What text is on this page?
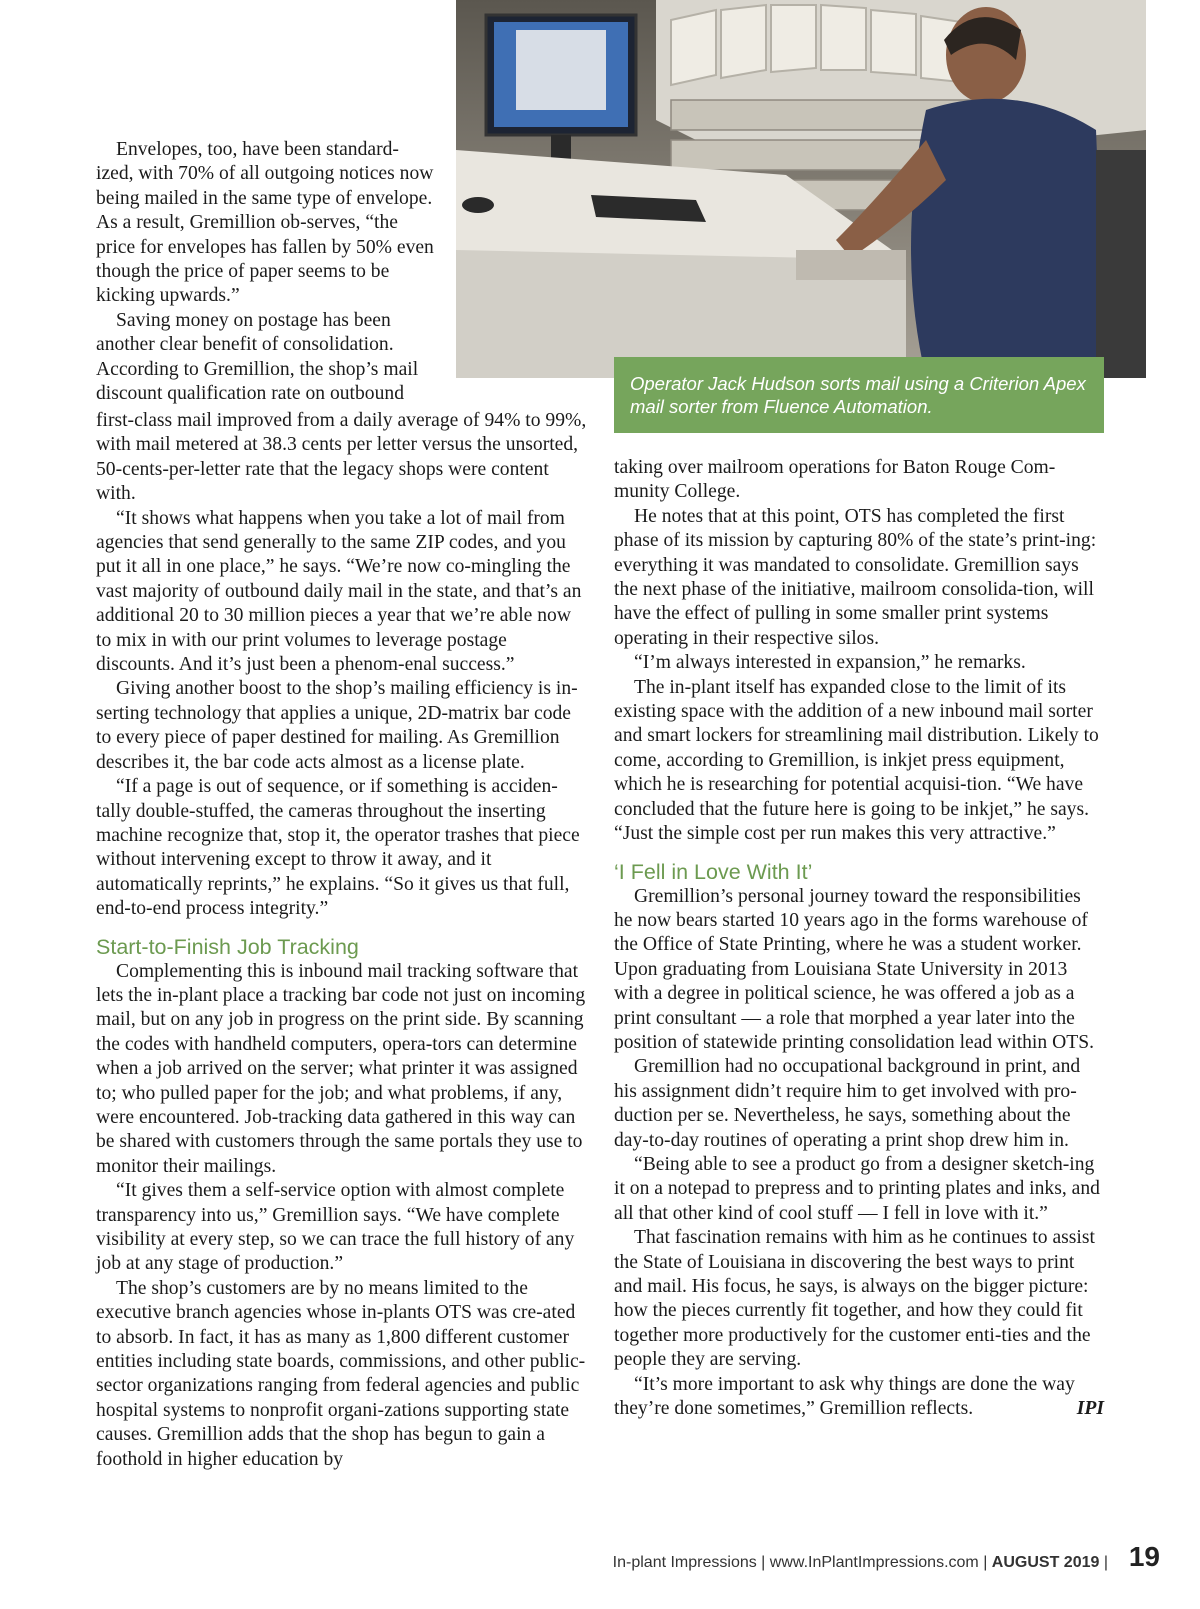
Operator Jack Hudson sorts mail using a Criterion Apex mail sorter from Fluence Automation.

Envelopes, too, have been standard-ized, with 70% of all outgoing notices now being mailed in the same type of envelope. As a result, Gremillion ob-serves, “the price for envelopes has fallen by 50% even though the price of paper seems to be kicking upwards.”

Saving money on postage has been another clear benefit of consolidation. According to Gremillion, the shop’s mail discount qualification rate on outbound

first-class mail improved from a daily average of 94% to 99%, with mail metered at 38.3 cents per letter versus the unsorted, 50-cents-per-letter rate that the legacy shops were content with.

“It shows what happens when you take a lot of mail from agencies that send generally to the same ZIP codes, and you put it all in one place,” he says. “We’re now co-mingling the vast majority of outbound daily mail in the state, and that’s an additional 20 to 30 million pieces a year that we’re able now to mix in with our print volumes to leverage postage discounts. And it’s just been a phenom-enal success.”

Giving another boost to the shop’s mailing efficiency is in-serting technology that applies a unique, 2D-matrix bar code to every piece of paper destined for mailing. As Gremillion describes it, the bar code acts almost as a license plate.

“If a page is out of sequence, or if something is acciden-tally double-stuffed, the cameras throughout the inserting machine recognize that, stop it, the operator trashes that piece without intervening except to throw it away, and it automatically reprints,” he explains. “So it gives us that full, end-to-end process integrity.”

Start-to-Finish Job Tracking

Complementing this is inbound mail tracking software that lets the in-plant place a tracking bar code not just on incoming mail, but on any job in progress on the print side. By scanning the codes with handheld computers, opera-tors can determine when a job arrived on the server; what printer it was assigned to; who pulled paper for the job; and what problems, if any, were encountered. Job-tracking data gathered in this way can be shared with customers through the same portals they use to monitor their mailings.

“It gives them a self-service option with almost complete transparency into us,” Gremillion says. “We have complete visibility at every step, so we can trace the full history of any job at any stage of production.”

The shop’s customers are by no means limited to the executive branch agencies whose in-plants OTS was cre-ated to absorb. In fact, it has as many as 1,800 different customer entities including state boards, commissions, and other public-sector organizations ranging from federal agencies and public hospital systems to nonprofit organi-zations supporting state causes. Gremillion adds that the shop has begun to gain a foothold in higher education by

taking over mailroom operations for Baton Rouge Com-munity College.

He notes that at this point, OTS has completed the first phase of its mission by capturing 80% of the state’s print-ing: everything it was mandated to consolidate. Gremillion says the next phase of the initiative, mailroom consolida-tion, will have the effect of pulling in some smaller print systems operating in their respective silos.

“I’m always interested in expansion,” he remarks.

The in-plant itself has expanded close to the limit of its existing space with the addition of a new inbound mail sorter and smart lockers for streamlining mail distribution. Likely to come, according to Gremillion, is inkjet press equipment, which he is researching for potential acquisi-tion. “We have concluded that the future here is going to be inkjet,” he says. “Just the simple cost per run makes this very attractive.”

‘I Fell in Love With It’

Gremillion’s personal journey toward the responsibilities he now bears started 10 years ago in the forms warehouse of the Office of State Printing, where he was a student worker. Upon graduating from Louisiana State University in 2013 with a degree in political science, he was offered a job as a print consultant — a role that morphed a year later into the position of statewide printing consolidation lead within OTS.

Gremillion had no occupational background in print, and his assignment didn’t require him to get involved with pro-duction per se. Nevertheless, he says, something about the day-to-day routines of operating a print shop drew him in.

“Being able to see a product go from a designer sketch-ing it on a notepad to prepress and to printing plates and inks, and all that other kind of cool stuff — I fell in love with it.”

That fascination remains with him as he continues to assist the State of Louisiana in discovering the best ways to print and mail. His focus, he says, is always on the bigger picture: how the pieces currently fit together, and how they could fit together more productively for the customer enti-ties and the people they are serving.

“It’s more important to ask why things are done the way they’re done sometimes,” Gremillion reflects.	IPI

In-plant Impressions | www.InPlantImpressions.com | AUGUST 2019 | 19
